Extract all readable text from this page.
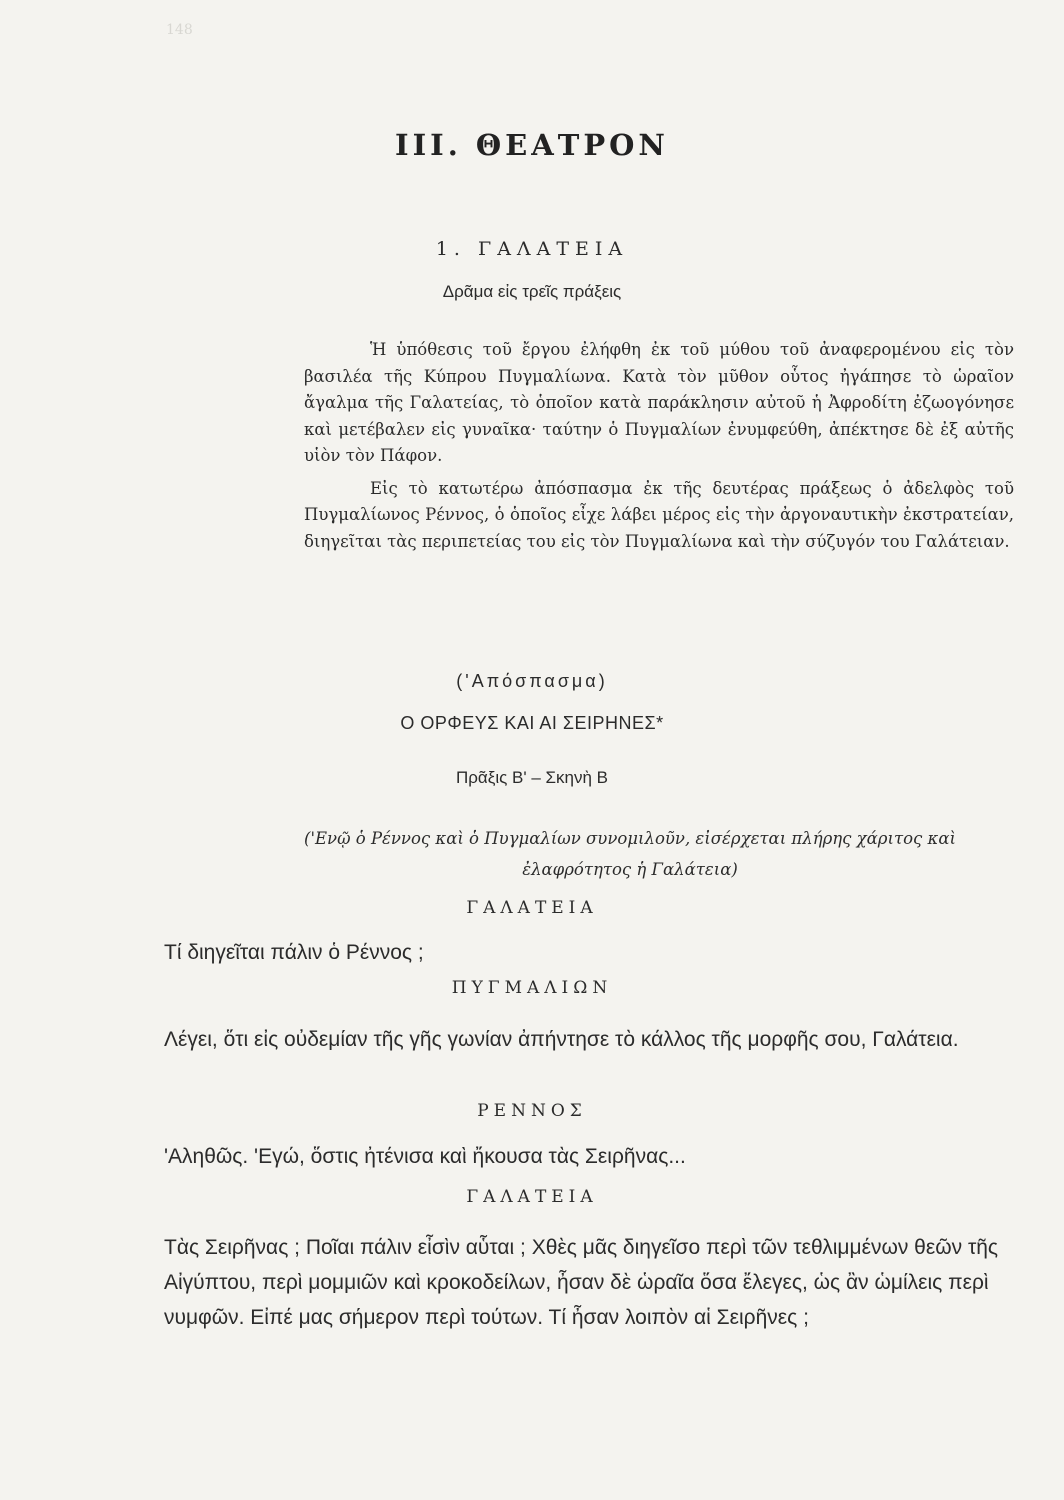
148
III. ΘΕΑΤΡΟΝ
1. ΓΑΛΑΤΕΙΑ
Δρᾶμα εἰς τρεῖς πράξεις

Ἡ ὑπόθεσις τοῦ ἔργου ἐλήφθη ἐκ τοῦ μύθου τοῦ ἀναφερομένου εἰς τὸν βασιλέα τῆς Κύπρου Πυγμαλίωνα. Κατὰ τὸν μῦθον οὗτος ἠγάπησε τὸ ὡραῖον ἄγαλμα τῆς Γαλατείας, τὸ ὁποῖον κατὰ παράκλησιν αὐτοῦ ἡ Ἀφροδίτη ἐζωογόνησε καὶ μετέβαλεν εἰς γυναῖκα· ταύτην ὁ Πυγμαλίων ἐνυμφεύθη, ἀπέκτησε δὲ ἐξ αὐτῆς υἱὸν τὸν Πάφον.

Εἰς τὸ κατωτέρω ἀπόσπασμα ἐκ τῆς δευτέρας πράξεως ὁ ἀδελφὸς τοῦ Πυγμαλίωνος Ρέννος, ὁ ὁποῖος εἶχε λάβει μέρος εἰς τὴν ἀργοναυτικὴν ἐκστρατείαν, διηγεῖται τὰς περιπετείας του εἰς τὸν Πυγμαλίωνα καὶ τὴν σύζυγόν του Γαλάτειαν.

('Απόσπασμα)
Ο ΟΡΦΕΥΣ ΚΑΙ ΑΙ ΣΕΙΡΗΝΕΣ*
Πρᾶξις Β' – Σκηνὴ Β
('Ενῷ ὁ Ρέννος καὶ ὁ Πυγμαλίων συνομιλοῦν, εἰσέρχεται πλήρης χάριτος καὶ ἐλαφρότητος ἡ Γαλάτεια)
ΓΑΛΑΤΕΙΑ
Τί διηγεῖται πάλιν ὁ Ρέννος ;
ΠΥΓΜΑΛΙΩΝ
Λέγει, ὅτι εἰς οὐδεμίαν τῆς γῆς γωνίαν ἀπήντησε τὸ κάλλος τῆς μορφῆς σου, Γαλάτεια.
ΡΕΝΝΟΣ
'Αληθῶς. 'Εγώ, ὅστις ἠτένισα καὶ ἤκουσα τὰς Σειρῆνας...
ΓΑΛΑΤΕΙΑ
Τὰς Σειρῆνας ; Ποῖαι πάλιν εἶσὶν αὗται ; Χθὲς μᾶς διηγεῖσο περὶ τῶν τεθλιμμένων θεῶν τῆς Αἰγύπτου, περὶ μομμιῶν καὶ κροκοδείλων, ἦσαν δὲ ὡραῖα ὅσα ἔλεγες, ὡς ἂν ὡμίλεις περὶ νυμφῶν. Εἰπέ μας σήμερον περὶ τούτων. Τί ἦσαν λοιπὸν αἱ Σειρῆνες ;
